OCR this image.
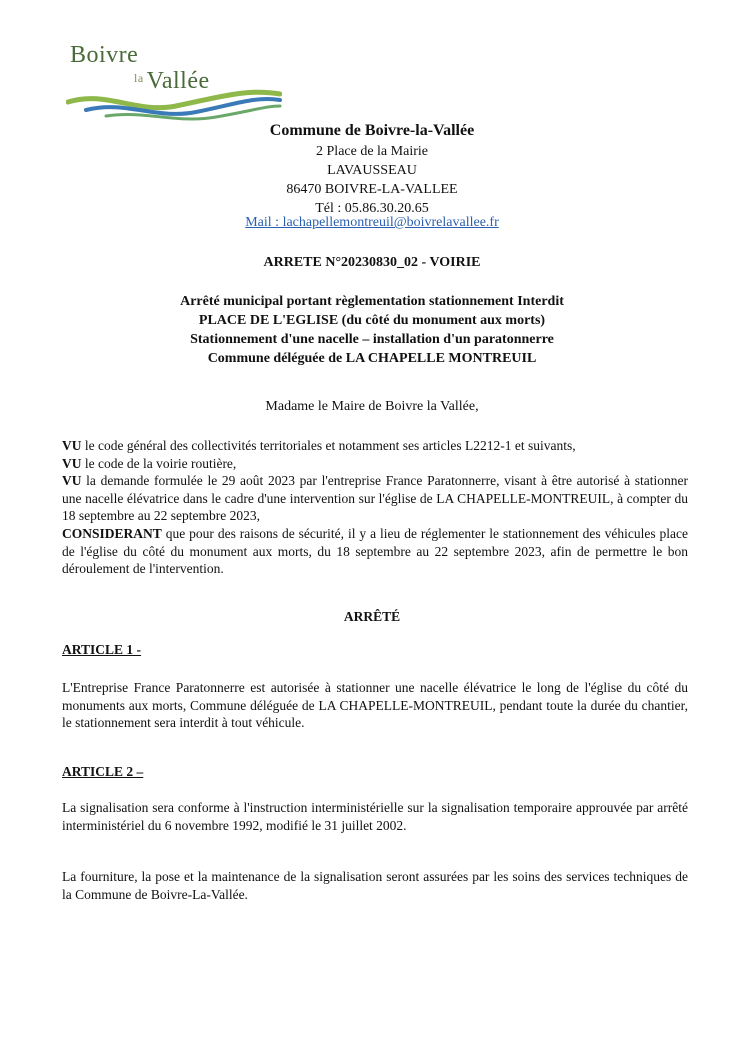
Boivre
$^{la}$ Vallée
Commune de Boivre-la-Vallée
2 Place de la Mairie
LAVAUSSEAU
86470 BOIVRE-LA-VALLEE
Tél : 05.86.30.20.65
Mail : lachapellemontreuil@boivrelavallee.fr
ARRETE N°20230830_02 - VOIRIE
Arrêté municipal portant règlementation stationnement Interdit
PLACE DE L'EGLISE (du côté du monument aux morts)
Stationnement d'une nacelle – installation d'un paratonnerre
Commune déléguée de LA CHAPELLE MONTREUIL
Madame le Maire de Boivre la Vallée,

VU le code général des collectivités territoriales et notamment ses articles L2212-1 et suivants,

VU le code de la voirie routière,

VU la demande formulée le 29 août 2023 par l'entreprise France Paratonnerre, visant à être autorisé à stationner une nacelle élévatrice dans le cadre d'une intervention sur l'église de LA CHAPELLE-MONTREUIL, à compter du 18 septembre au 22 septembre 2023,

CONSIDERANT que pour des raisons de sécurité, il y a lieu de réglementer le stationnement des véhicules place de l'église du côté du monument aux morts, du 18 septembre au 22 septembre 2023, afin de permettre le bon déroulement de l'intervention.

ARRÊTÉ
ARTICLE 1 -
L'Entreprise France Paratonnerre est autorisée à stationner une nacelle élévatrice le long de l'église du côté du monuments aux morts, Commune déléguée de LA CHAPELLE-MONTREUIL, pendant toute la durée du chantier, le stationnement sera interdit à tout véhicule.
ARTICLE 2 –
La signalisation sera conforme à l'instruction interministérielle sur la signalisation temporaire approuvée par arrêté interministériel du 6 novembre 1992, modifié le 31 juillet 2002.
La fourniture, la pose et la maintenance de la signalisation seront assurées par les soins des services techniques de la Commune de Boivre-La-Vallée.
